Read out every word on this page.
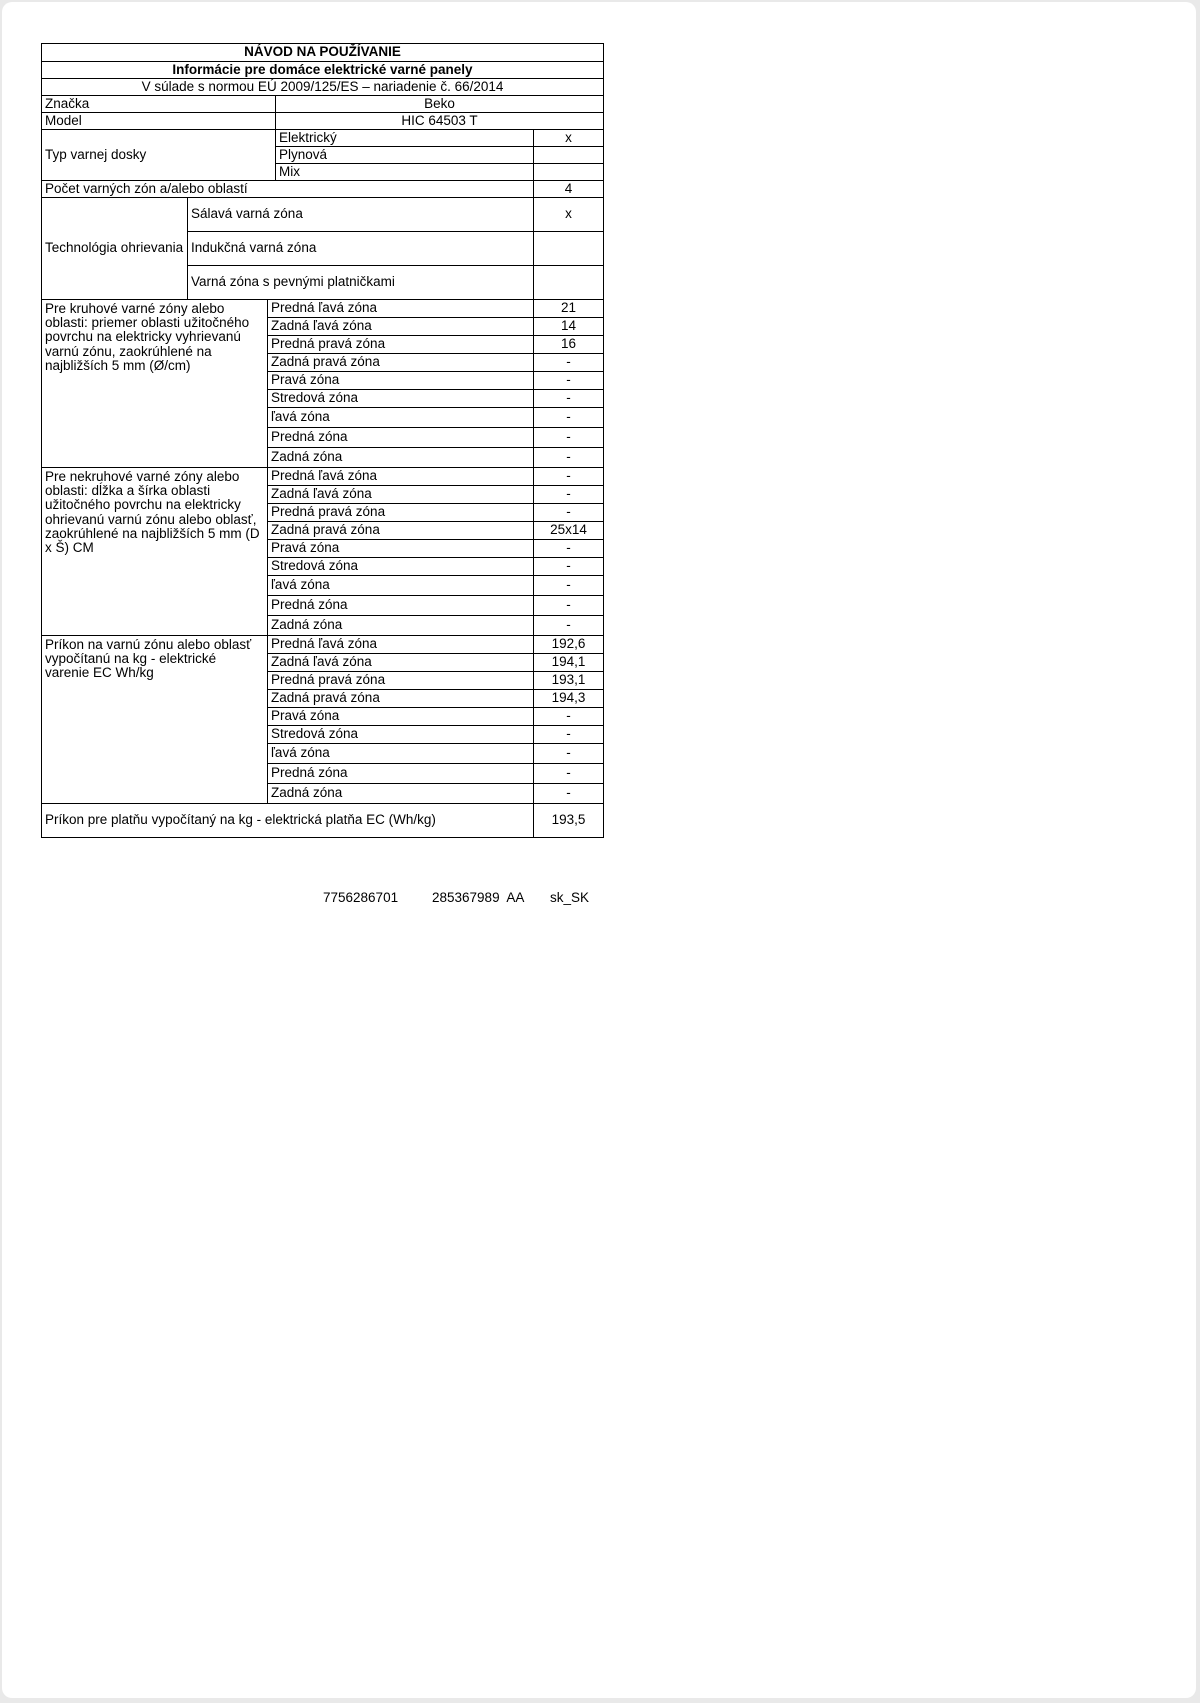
NÁVOD NA POUŽÍVANIE				
Informácie pre domáce elektrické varné panely				
V súlade s normou EÚ 2009/125/ES – nariadenie č. 66/2014				
Značka			Beko	
Model			HIC 64503 T	
Typ varnej dosky			Elektrický	x
			Plynová	
			Mix	
Počet varných zón a/alebo oblastí				4
Technológia ohrievania	Sálavá varná zóna			x
	Indukčná varná zóna			
	Varná zóna s pevnými platničkami			
Pre kruhové varné zóny alebo oblasti: priemer oblasti užitočného povrchu na elektricky vyhrievanú varnú zónu, zaokrúhlené na najbližších 5 mm (Ø/cm)		Predná ľavá zóna		21
		Zadná ľavá zóna		14
		Predná pravá zóna		16
		Zadná pravá zóna		-
		Pravá zóna		-
		Stredová zóna		-
		ľavá zóna		-
		Predná zóna		-
		Zadná zóna		-
Pre nekruhové varné zóny alebo oblasti: dĺžka a šírka oblasti užitočného povrchu na elektricky ohrievanú varnú zónu alebo oblasť, zaokrúhlené na najbližších 5 mm (D x Š) CM		Predná ľavá zóna		-
		Zadná ľavá zóna		-
		Predná pravá zóna		-
		Zadná pravá zóna		25x14
		Pravá zóna		-
		Stredová zóna		-
		ľavá zóna		-
		Predná zóna		-
		Zadná zóna		-
Príkon na varnú zónu alebo oblasť vypočítanú na kg - elektrické varenie EC Wh/kg		Predná ľavá zóna		192,6
		Zadná ľavá zóna		194,1
		Predná pravá zóna		193,1
		Zadná pravá zóna		194,3
		Pravá zóna		-
		Stredová zóna		-
		ľavá zóna		-
		Predná zóna		-
		Zadná zóna		-
Príkon pre platňu vypočítaný na kg - elektrická platňa EC (Wh/kg)				193,5
7756286701	285367989  AA sk_SK
